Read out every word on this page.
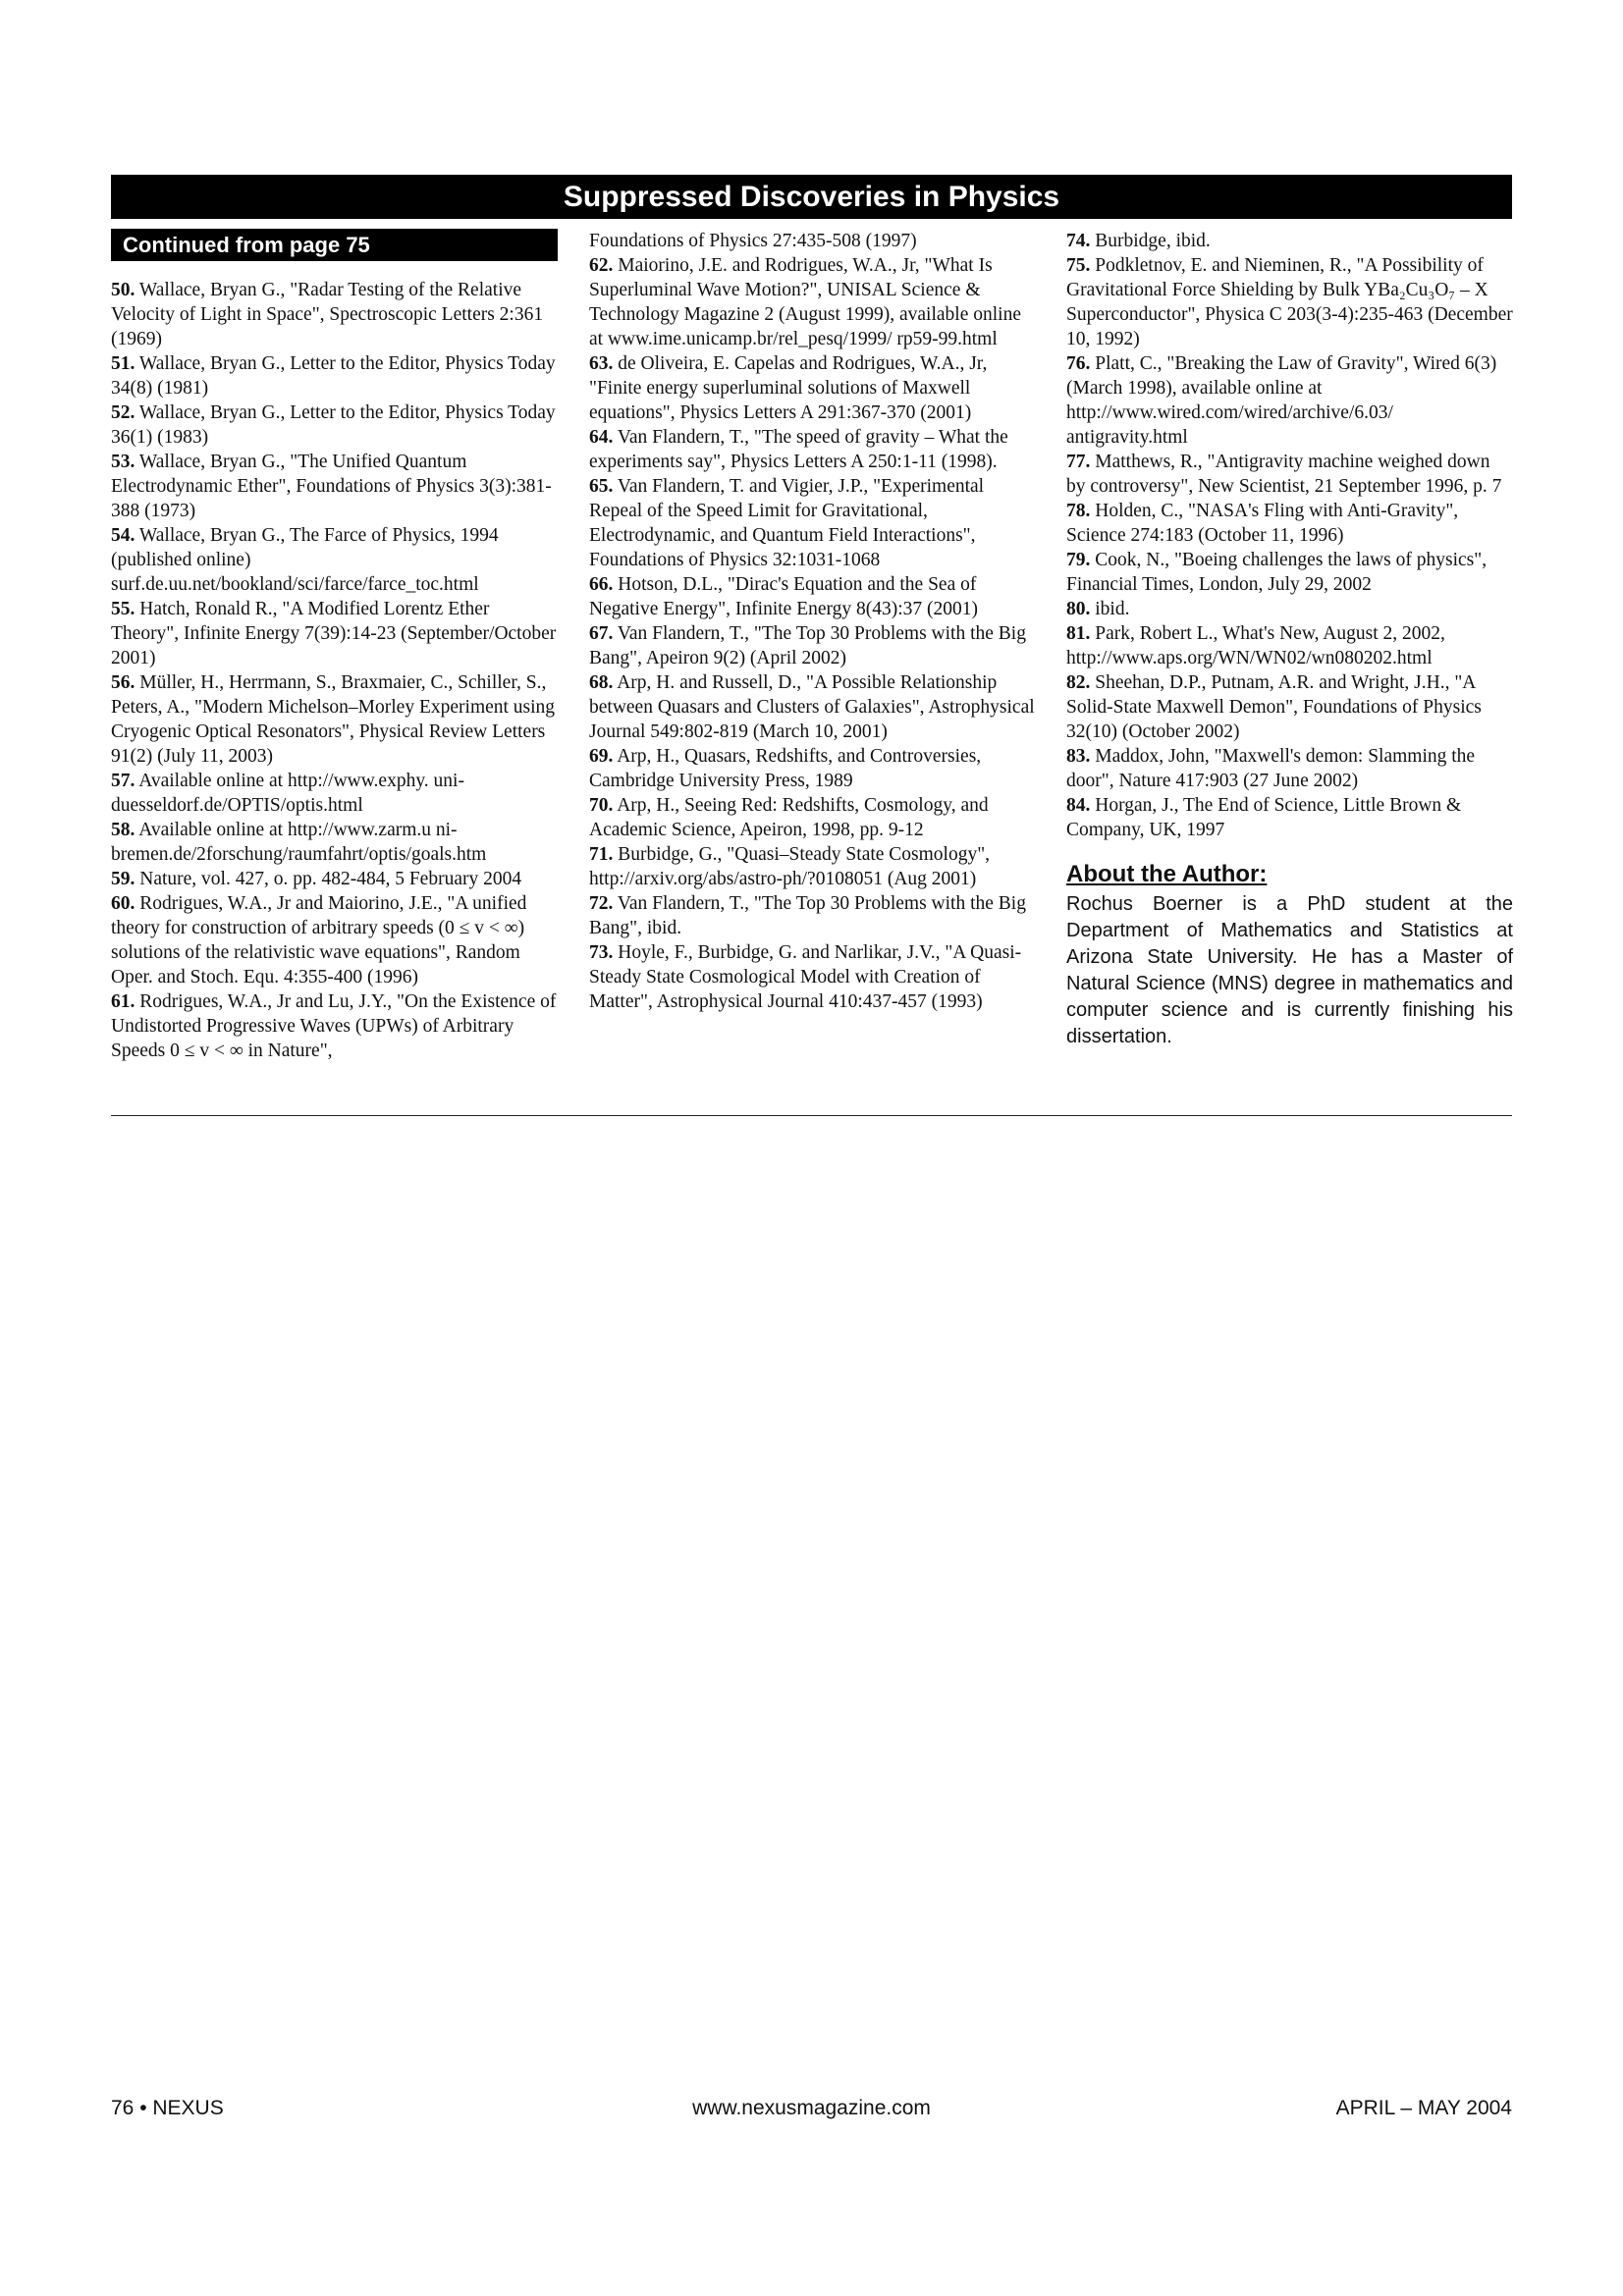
Suppressed Discoveries in Physics
Continued from page 75

50. Wallace, Bryan G., "Radar Testing of the Relative Velocity of Light in Space", Spectroscopic Letters 2:361 (1969)

51. Wallace, Bryan G., Letter to the Editor, Physics Today 34(8) (1981)

52. Wallace, Bryan G., Letter to the Editor, Physics Today 36(1) (1983)

53. Wallace, Bryan G., "The Unified Quantum Electrodynamic Ether", Foundations of Physics 3(3):381-388 (1973)

54. Wallace, Bryan G., The Farce of Physics, 1994 (published online) surf.de.uu.net/bookland/sci/farce/farce_toc.html

55. Hatch, Ronald R., "A Modified Lorentz Ether Theory", Infinite Energy 7(39):14-23 (September/October 2001)

56. Müller, H., Herrmann, S., Braxmaier, C., Schiller, S., Peters, A., "Modern Michelson–Morley Experiment using Cryogenic Optical Resonators", Physical Review Letters 91(2) (July 11, 2003)

57. Available online at http://www.exphy. uni-duesseldorf.de/OPTIS/optis.html

58. Available online at http://www.zarm.u ni-bremen.de/2forschung/raumfahrt/optis/goals.htm

59. Nature, vol. 427, o. pp. 482-484, 5 February 2004

60. Rodrigues, W.A., Jr and Maiorino, J.E., "A unified theory for construction of arbitrary speeds (0 ≤ v < ∞) solutions of the relativistic wave equations", Random Oper. and Stoch. Equ. 4:355-400 (1996)

61. Rodrigues, W.A., Jr and Lu, J.Y., "On the Existence of Undistorted Progressive Waves (UPWs) of Arbitrary Speeds 0 ≤ v < ∞ in Nature",

Foundations of Physics 27:435-508 (1997)

62. Maiorino, J.E. and Rodrigues, W.A., Jr, "What Is Superluminal Wave Motion?", UNISAL Science & Technology Magazine 2 (August 1999), available online at www.ime.unicamp.br/rel_pesq/1999/ rp59-99.html

63. de Oliveira, E. Capelas and Rodrigues, W.A., Jr, "Finite energy superluminal solutions of Maxwell equations", Physics Letters A 291:367-370 (2001)

64. Van Flandern, T., "The speed of gravity – What the experiments say", Physics Letters A 250:1-11 (1998).

65. Van Flandern, T. and Vigier, J.P., "Experimental Repeal of the Speed Limit for Gravitational, Electrodynamic, and Quantum Field Interactions", Foundations of Physics 32:1031-1068

66. Hotson, D.L., "Dirac's Equation and the Sea of Negative Energy", Infinite Energy 8(43):37 (2001)

67. Van Flandern, T., "The Top 30 Problems with the Big Bang", Apeiron 9(2) (April 2002)

68. Arp, H. and Russell, D., "A Possible Relationship between Quasars and Clusters of Galaxies", Astrophysical Journal 549:802-819 (March 10, 2001)

69. Arp, H., Quasars, Redshifts, and Controversies, Cambridge University Press, 1989

70. Arp, H., Seeing Red: Redshifts, Cosmology, and Academic Science, Apeiron, 1998, pp. 9-12

71. Burbidge, G., "Quasi–Steady State Cosmology", http://arxiv.org/abs/astro-ph/?0108051 (Aug 2001)

72. Van Flandern, T., "The Top 30 Problems with the Big Bang", ibid.

73. Hoyle, F., Burbidge, G. and Narlikar, J.V., "A Quasi-Steady State Cosmological Model with Creation of Matter", Astrophysical Journal 410:437-457 (1993)

74. Burbidge, ibid.

75. Podkletnov, E. and Nieminen, R., "A Possibility of Gravitational Force Shielding by Bulk YBa₂Cu₃O₇ – X Superconductor", Physica C 203(3-4):235-463 (December 10, 1992)

76. Platt, C., "Breaking the Law of Gravity", Wired 6(3) (March 1998), available online at http://www.wired.com/wired/archive/6.03/ antigravity.html

77. Matthews, R., "Antigravity machine weighed down by controversy", New Scientist, 21 September 1996, p. 7

78. Holden, C., "NASA's Fling with Anti-Gravity", Science 274:183 (October 11, 1996)

79. Cook, N., "Boeing challenges the laws of physics", Financial Times, London, July 29, 2002

80. ibid.

81. Park, Robert L., What's New, August 2, 2002, http://www.aps.org/WN/WN02/wn080202.html

82. Sheehan, D.P., Putnam, A.R. and Wright, J.H., "A Solid-State Maxwell Demon", Foundations of Physics 32(10) (October 2002)

83. Maddox, John, "Maxwell's demon: Slamming the door", Nature 417:903 (27 June 2002)

84. Horgan, J., The End of Science, Little Brown & Company, UK, 1997

About the Author:
Rochus Boerner is a PhD student at the Department of Mathematics and Statistics at Arizona State University. He has a Master of Natural Science (MNS) degree in mathematics and computer science and is currently finishing his dissertation.
76 • NEXUS	www.nexusmagazine.com	APRIL – MAY 2004
